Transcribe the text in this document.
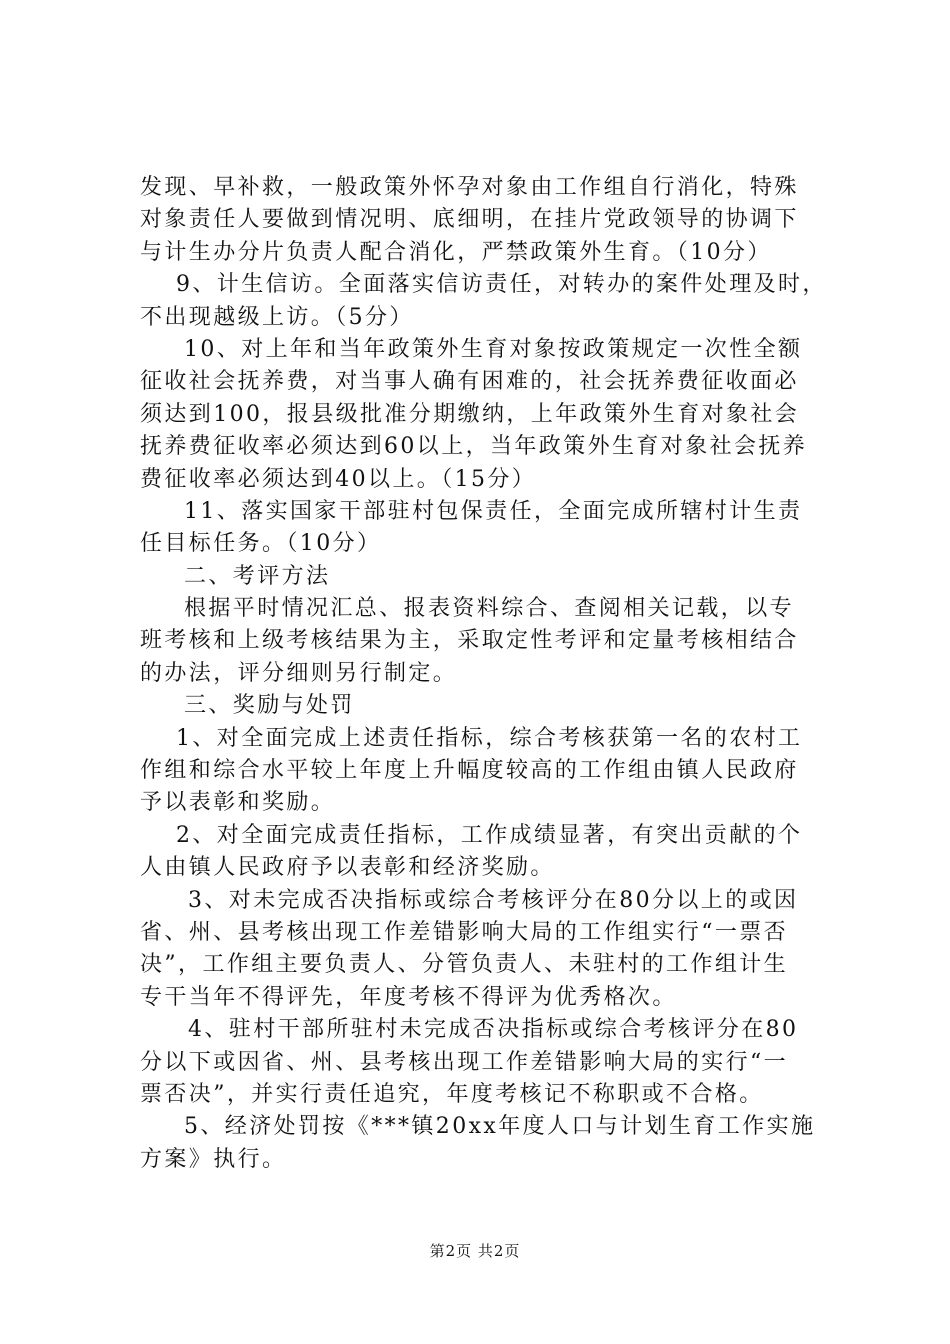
发现、早补救，一般政策外怀孕对象由工作组自行消化，特殊
对象责任人要做到情况明、底细明，在挂片党政领导的协调下
与计生办分片负责人配合消化，严禁政策外生育。（10分）
9、计生信访。全面落实信访责任，对转办的案件处理及时，
不出现越级上访。（5分）
10、对上年和当年政策外生育对象按政策规定一次性全额
征收社会抚养费，对当事人确有困难的，社会抚养费征收面必
须达到100，报县级批准分期缴纳，上年政策外生育对象社会
抚养费征收率必须达到60以上，当年政策外生育对象社会抚养
费征收率必须达到40以上。（15分）
11、落实国家干部驻村包保责任，全面完成所辖村计生责
任目标任务。（10分）
二、考评方法
根据平时情况汇总、报表资料综合、查阅相关记载，以专
班考核和上级考核结果为主，采取定性考评和定量考核相结合
的办法，评分细则另行制定。
三、奖励与处罚
1、对全面完成上述责任指标，综合考核获第一名的农村工
作组和综合水平较上年度上升幅度较高的工作组由镇人民政府
予以表彰和奖励。
2、对全面完成责任指标，工作成绩显著，有突出贡献的个
人由镇人民政府予以表彰和经济奖励。
3、对未完成否决指标或综合考核评分在80分以上的或因
省、州、县考核出现工作差错影响大局的工作组实行“一票否
决”，工作组主要负责人、分管负责人、未驻村的工作组计生
专干当年不得评先，年度考核不得评为优秀格次。
4、驻村干部所驻村未完成否决指标或综合考核评分在80
分以下或因省、州、县考核出现工作差错影响大局的实行“一
票否决”，并实行责任追究，年度考核记不称职或不合格。
5、经济处罚按《***镇20xx年度人口与计划生育工作实施
方案》执行。
第2页 共2页
